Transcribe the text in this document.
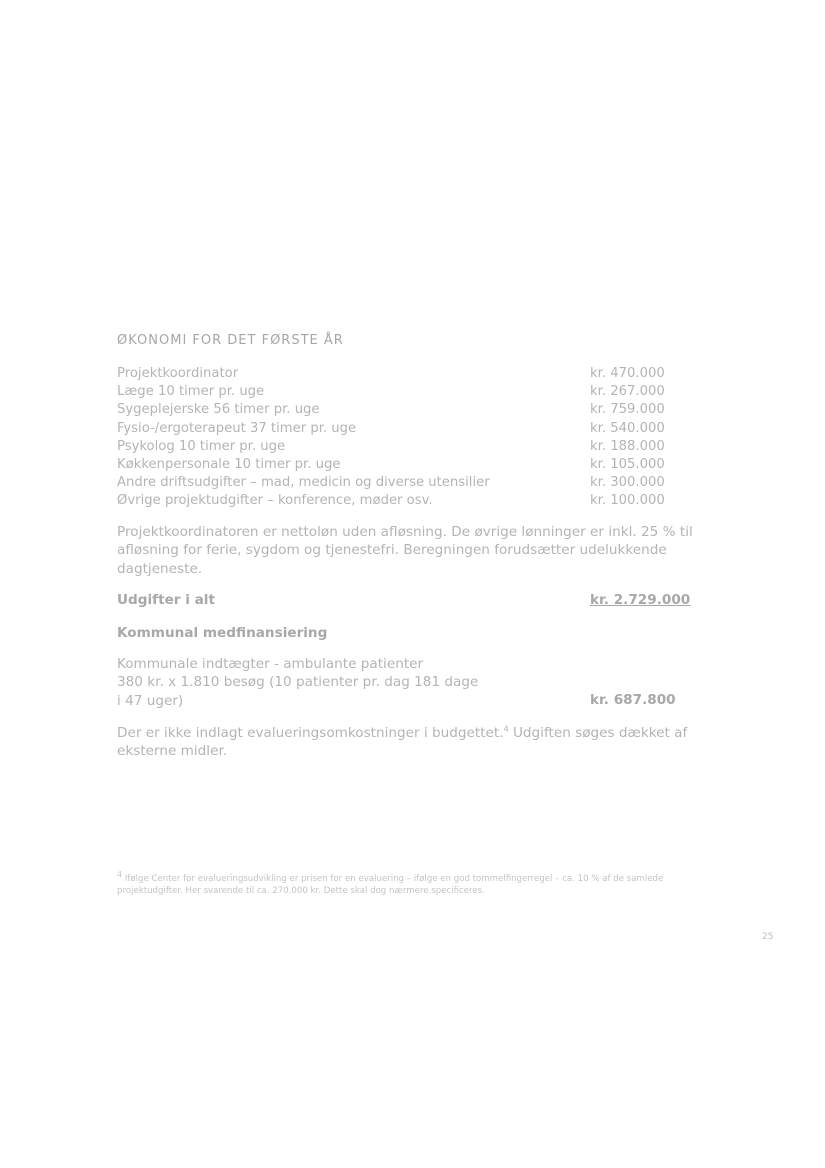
ØKONOMI FOR DET FØRSTE ÅR
Projektkoordinator	kr. 470.000
Læge 10 timer pr. uge	kr. 267.000
Sygeplejerske 56 timer pr. uge	kr. 759.000
Fysio-/ergoterapeut 37 timer pr. uge	kr. 540.000
Psykolog 10 timer pr. uge	kr. 188.000
Køkkenpersonale 10 timer pr. uge	kr. 105.000
Andre driftsudgifter – mad, medicin og diverse utensilier	kr. 300.000
Øvrige projektudgifter – konference, møder osv.	kr. 100.000
Projektkoordinatoren er nettoløn uden afløsning. De øvrige lønninger er inkl. 25 % til afløsning for ferie, sygdom og tjenestefri. Beregningen forudsætter udelukkende dagtjeneste.
Udgifter i alt	kr. 2.729.000
Kommunal medfinansiering
Kommunale indtægter - ambulante patienter
380 kr. x 1.810 besøg (10 patienter pr. dag 181 dage
i 47 uger)	kr. 687.800
Der er ikke indlagt evalueringsomkostninger i budgettet.$^4$ Udgiften søges dækket af eksterne midler.
$^4$ Ifølge Center for evalueringsudvikling er prisen for en evaluering – ifølge en god tommelfingerregel – ca. 10 % af de samlede projektudgifter. Her svarende til ca. 270.000 kr. Dette skal dog nærmere specificeres.
25
